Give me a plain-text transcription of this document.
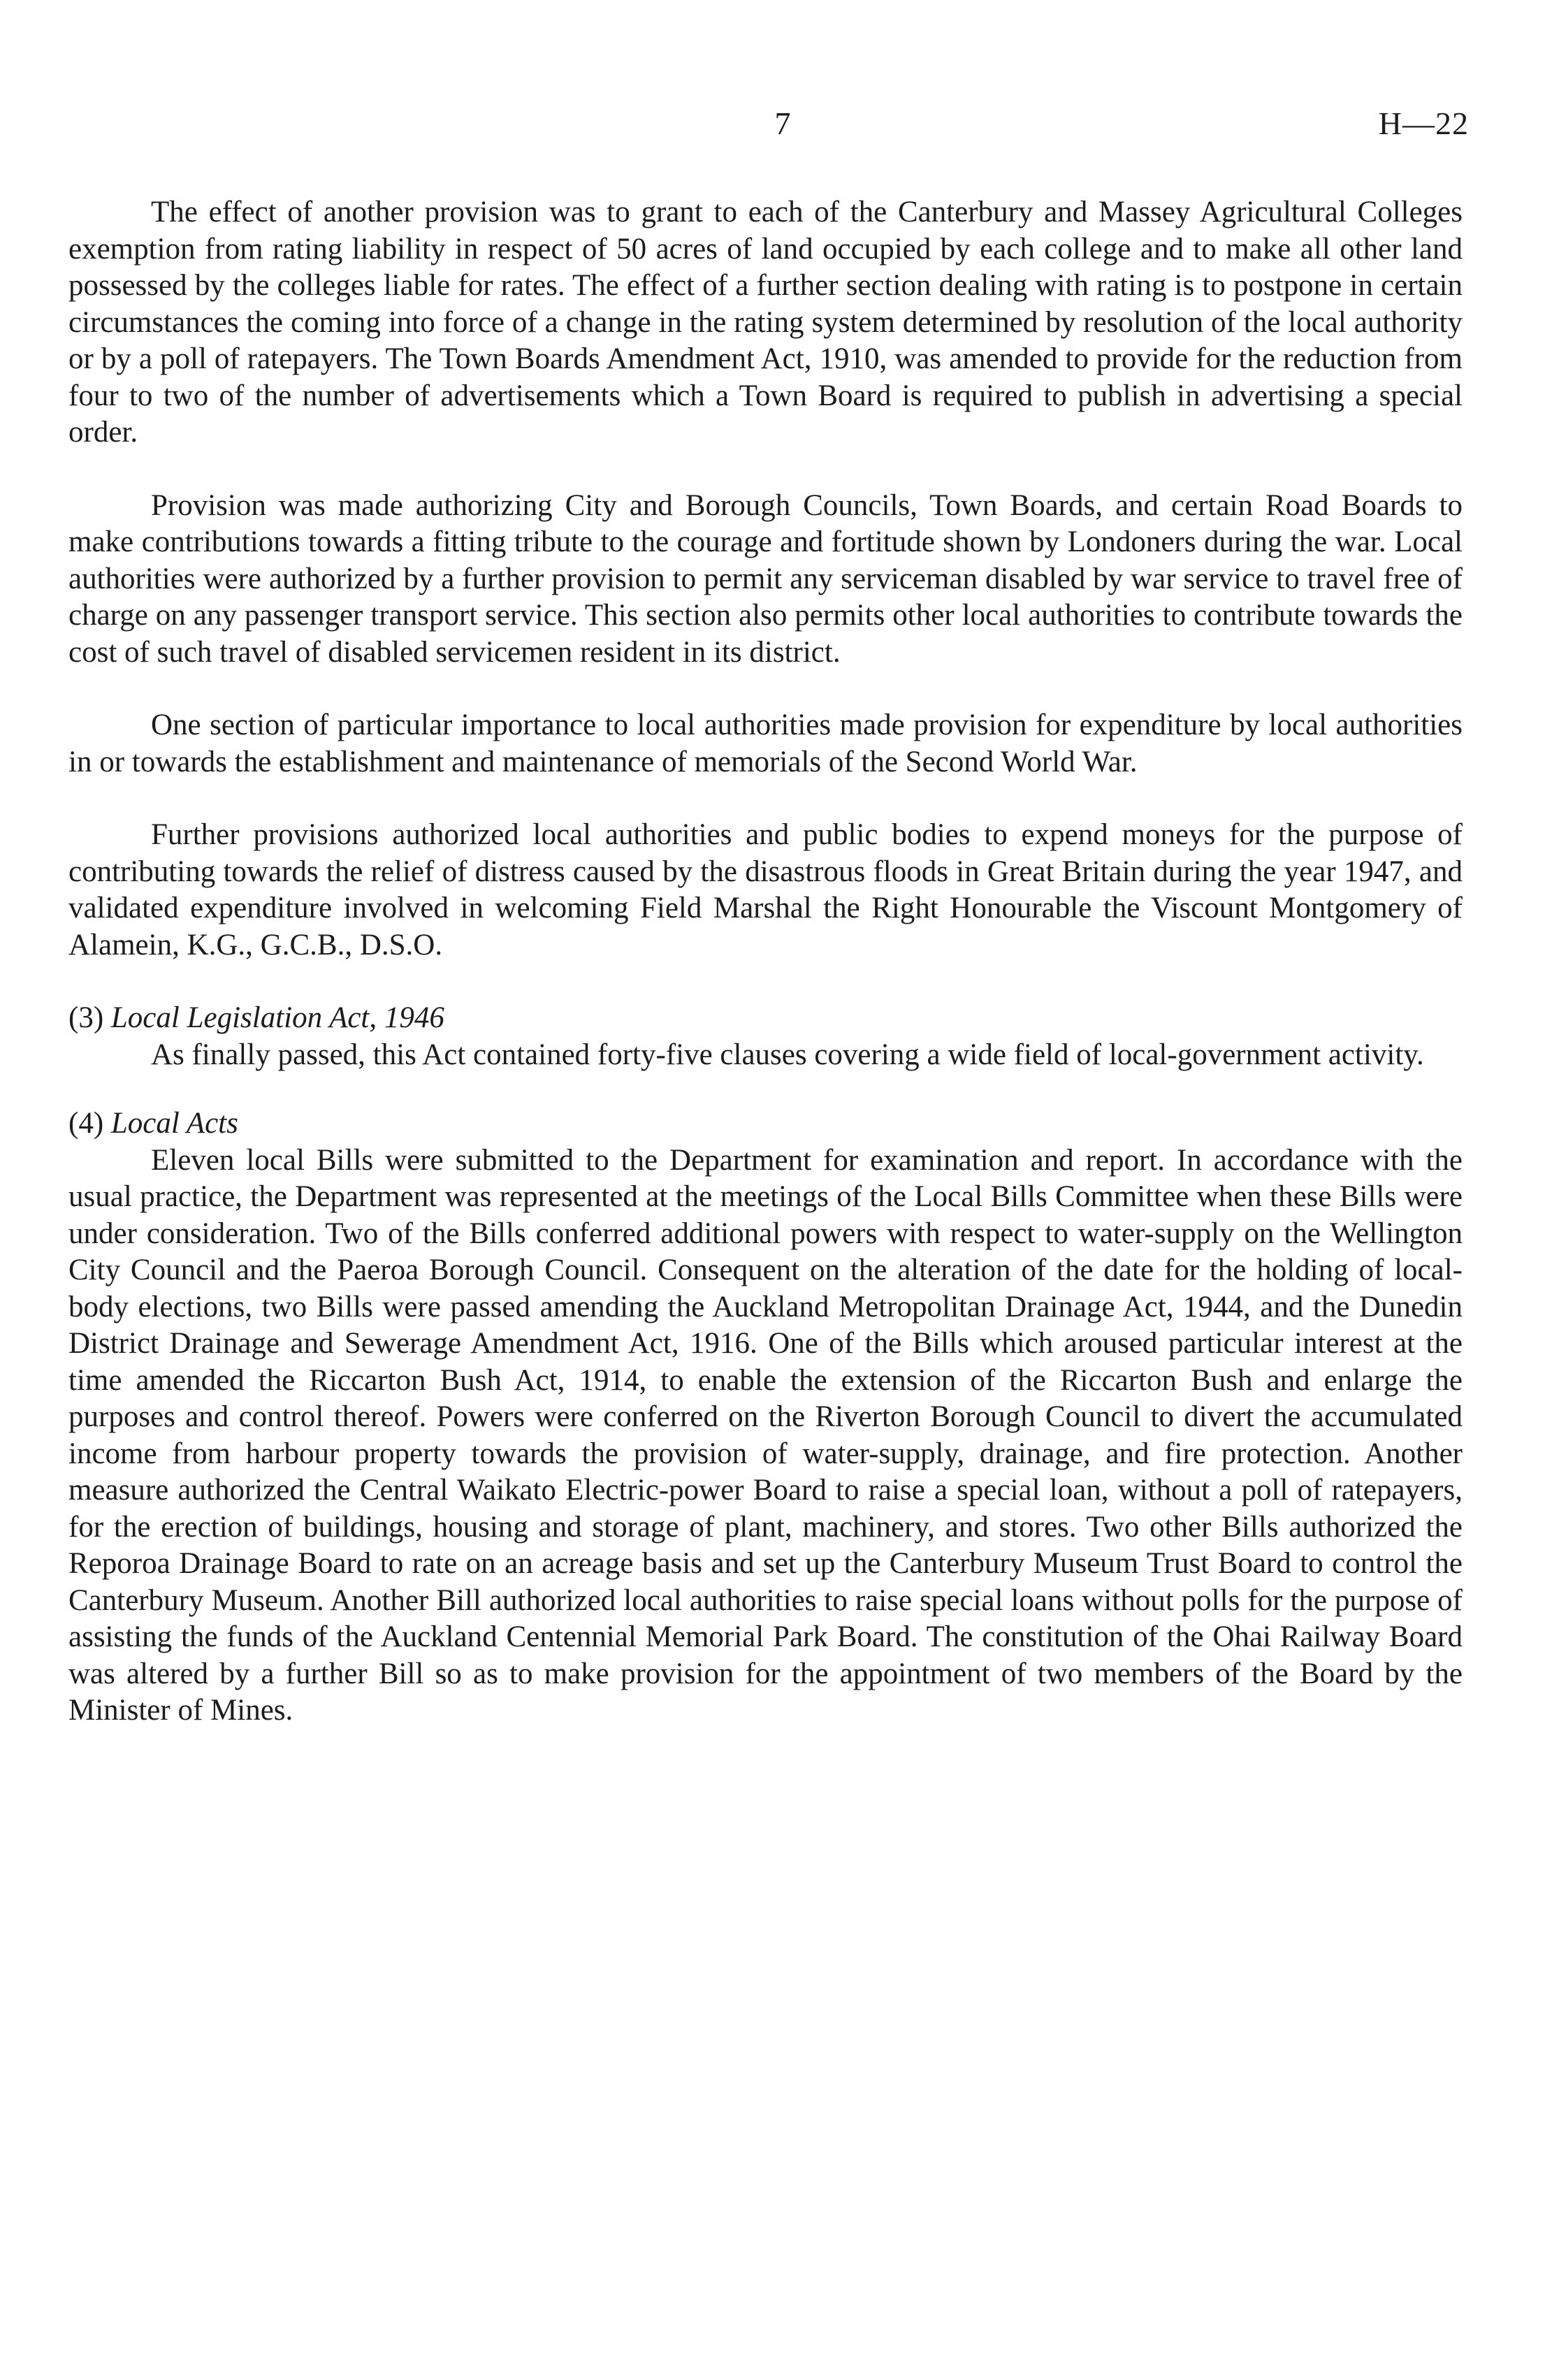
7	H—22

The effect of another provision was to grant to each of the Canterbury and Massey Agricultural Colleges exemption from rating liability in respect of 50 acres of land occupied by each college and to make all other land possessed by the colleges liable for rates. The effect of a further section dealing with rating is to postpone in certain circumstances the coming into force of a change in the rating system determined by resolution of the local authority or by a poll of ratepayers. The Town Boards Amendment Act, 1910, was amended to provide for the reduction from four to two of the number of advertisements which a Town Board is required to publish in advertising a special order.

Provision was made authorizing City and Borough Councils, Town Boards, and certain Road Boards to make contributions towards a fitting tribute to the courage and fortitude shown by Londoners during the war. Local authorities were authorized by a further provision to permit any serviceman disabled by war service to travel free of charge on any passenger transport service. This section also permits other local authorities to contribute towards the cost of such travel of disabled servicemen resident in its district.

One section of particular importance to local authorities made provision for expenditure by local authorities in or towards the establishment and maintenance of memorials of the Second World War.

Further provisions authorized local authorities and public bodies to expend moneys for the purpose of contributing towards the relief of distress caused by the disastrous floods in Great Britain during the year 1947, and validated expenditure involved in welcoming Field Marshal the Right Honourable the Viscount Montgomery of Alamein, K.G., G.C.B., D.S.O.

(3) Local Legislation Act, 1946

As finally passed, this Act contained forty-five clauses covering a wide field of local-government activity.

(4) Local Acts

Eleven local Bills were submitted to the Department for examination and report. In accordance with the usual practice, the Department was represented at the meetings of the Local Bills Committee when these Bills were under consideration. Two of the Bills conferred additional powers with respect to water-supply on the Wellington City Council and the Paeroa Borough Council. Consequent on the alteration of the date for the holding of local-body elections, two Bills were passed amending the Auckland Metropolitan Drainage Act, 1944, and the Dunedin District Drainage and Sewerage Amendment Act, 1916. One of the Bills which aroused particular interest at the time amended the Riccarton Bush Act, 1914, to enable the extension of the Riccarton Bush and enlarge the purposes and control thereof. Powers were conferred on the Riverton Borough Council to divert the accumulated income from harbour property towards the provision of water-supply, drainage, and fire protection. Another measure authorized the Central Waikato Electric-power Board to raise a special loan, without a poll of ratepayers, for the erection of buildings, housing and storage of plant, machinery, and stores. Two other Bills authorized the Reporoa Drainage Board to rate on an acreage basis and set up the Canterbury Museum Trust Board to control the Canterbury Museum. Another Bill authorized local authorities to raise special loans without polls for the purpose of assisting the funds of the Auckland Centennial Memorial Park Board. The constitution of the Ohai Railway Board was altered by a further Bill so as to make provision for the appointment of two members of the Board by the Minister of Mines.
